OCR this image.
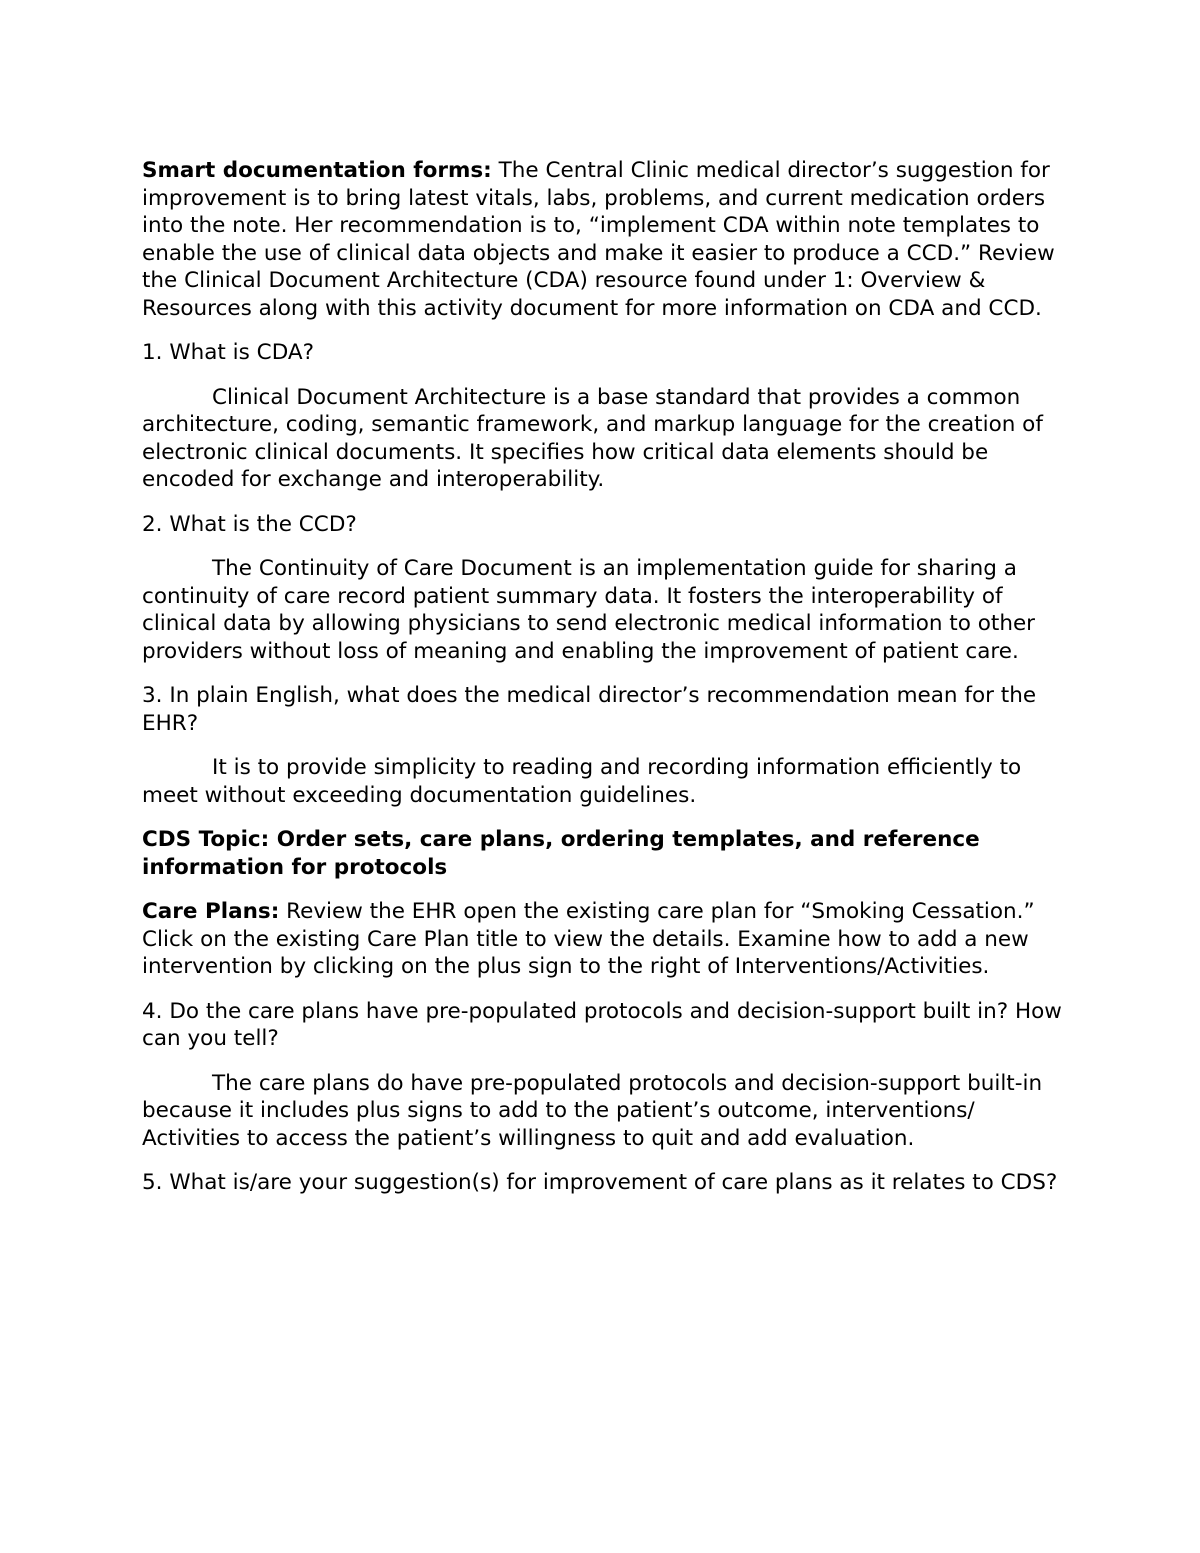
Smart documentation forms: The Central Clinic medical director’s suggestion for improvement is to bring latest vitals, labs, problems, and current medication orders into the note. Her recommendation is to, “implement CDA within note templates to enable the use of clinical data objects and make it easier to produce a CCD.” Review the Clinical Document Architecture (CDA) resource found under 1: Overview & Resources along with this activity document for more information on CDA and CCD.

1. What is CDA?

Clinical Document Architecture is a base standard that provides a common architecture, coding, semantic framework, and markup language for the creation of electronic clinical documents. It specifies how critical data elements should be encoded for exchange and interoperability.

2. What is the CCD?

The Continuity of Care Document is an implementation guide for sharing a continuity of care record patient summary data. It fosters the interoperability of clinical data by allowing physicians to send electronic medical information to other providers without loss of meaning and enabling the improvement of patient care.

3. In plain English, what does the medical director’s recommendation mean for the EHR?

It is to provide simplicity to reading and recording information efficiently to meet without exceeding documentation guidelines.

CDS Topic: Order sets, care plans, ordering templates, and reference information for protocols

Care Plans: Review the EHR open the existing care plan for “Smoking Cessation.” Click on the existing Care Plan title to view the details. Examine how to add a new intervention by clicking on the plus sign to the right of Interventions/Activities.

4. Do the care plans have pre-populated protocols and decision-support built in? How can you tell?

The care plans do have pre-populated protocols and decision-support built-in because it includes plus signs to add to the patient’s outcome, interventions/ Activities to access the patient’s willingness to quit and add evaluation.

5. What is/are your suggestion(s) for improvement of care plans as it relates to CDS?
